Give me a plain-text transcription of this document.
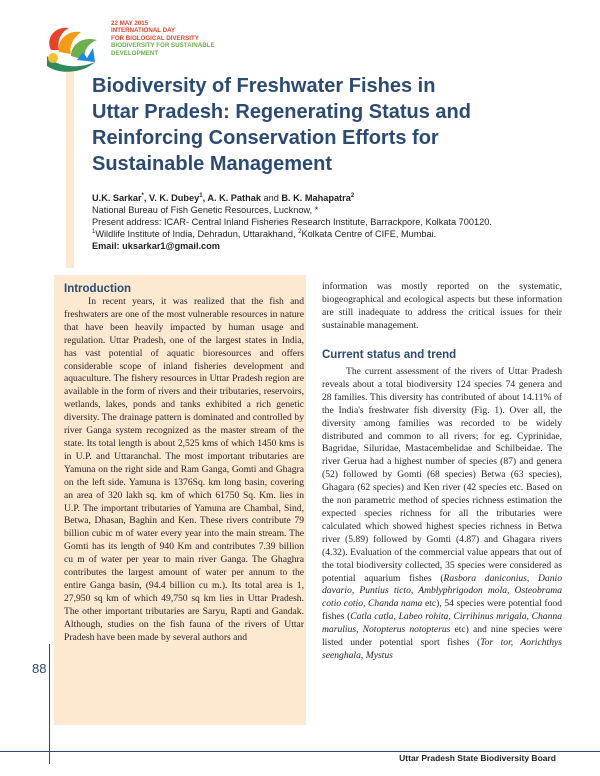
22 MAY 2015
INTERNATIONAL DAY
FOR BIOLOGICAL DIVERSITY
BIODIVERSITY FOR SUSTAINABLE
DEVELOPMENT
Biodiversity of Freshwater Fishes in
Uttar Pradesh: Regenerating Status and
Reinforcing Conservation Efforts for
Sustainable Management
U.K. Sarkar*, V. K. Dubey$^1$, A. K. Pathak and B. K. Mahapatra$^2$
National Bureau of Fish Genetic Resources, Lucknow, *
Present address: ICAR- Central Inland Fisheries Research Institute, Barrackpore, Kolkata 700120.
$^1$Wildlife Institute of India, Dehradun, Uttarakhand, $^2$Kolkata Centre of CIFE, Mumbai.
Email: uksarkar1@gmail.com
Introduction

In recent years, it was realized that the fish and freshwaters are one of the most vulnerable resources in nature that have been heavily impacted by human usage and regulation. Uttar Pradesh, one of the largest states in India, has vast potential of aquatic bioresources and offers considerable scope of inland fisheries development and aquaculture. The fishery resources in Uttar Pradesh region are available in the form of rivers and their tributaries, reservoirs, wetlands, lakes, ponds and tanks exhibited a rich genetic diversity. The drainage pattern is dominated and controlled by river Ganga system recognized as the master stream of the state. Its total length is about 2,525 kms of which 1450 kms is in U.P. and Uttaranchal. The most important tributaries are Yamuna on the right side and Ram Ganga, Gomti and Ghagra on the left side. Yamuna is 1376Sq. km long basin, covering an area of 320 lakh sq. km of which 61750 Sq. Km. lies in U.P. The important tributaries of Yamuna are Chambal, Sind, Betwa, Dhasan, Baghin and Ken. These rivers contribute 79 billion cubic m of water every year into the main stream. The Gomti has its length of 940 Km and contributes 7.39 billion cu m of water per year to main river Ganga. The Ghaghra contributes the largest amount of water per annum to the entire Ganga basin, (94.4 billion cu m.). Its total area is 1, 27,950 sq km of which 49,750 sq km lies in Uttar Pradesh. The other important tributaries are Saryu, Rapti and Gandak. Although, studies on the fish fauna of the rivers of Uttar Pradesh have been made by several authors and

information was mostly reported on the systematic, biogeographical and ecological aspects but these information are still inadequate to address the critical issues for their sustainable management.

Current status and trend

The current assessment of the rivers of Uttar Pradesh reveals about a total biodiversity 124 species 74 genera and 28 families. This diversity has contributed of about 14.11% of the India's freshwater fish diversity (Fig. 1). Over all, the diversity among families was recorded to be widely distributed and common to all rivers; for eg. Cyprinidae, Bagridae, Siluridae, Mastacembelidae and Schilbeidae. The river Gerua had a highest number of species (87) and genera (52) followed by Gomti (68 species) Betwa (63 species), Ghagara (62 species) and Ken river (42 species etc. Based on the non parametric method of species richness estimation the expected species richness for all the tributaries were calculated which showed highest species richness in Betwa river (5.89) followed by Gomti (4.87) and Ghagara rivers (4.32). Evaluation of the commercial value appears that out of the total biodiversity collected, 35 species were considered as potential aquarium fishes (Rasbora daniconius, Danio davario, Puntius ticto, Amblyphrigodon mola, Osteobrama cotio cotio, Chanda nama etc), 54 species were potential food fishes (Catla catla, Labeo rohita, Cirrihinus mrigala, Channa marulius, Notopterus notopterus etc) and nine species were listed under potential sport fishes (Tor tor, Aorichthys seenghala, Mystus

88
Uttar Pradesh State Biodiversity Board
